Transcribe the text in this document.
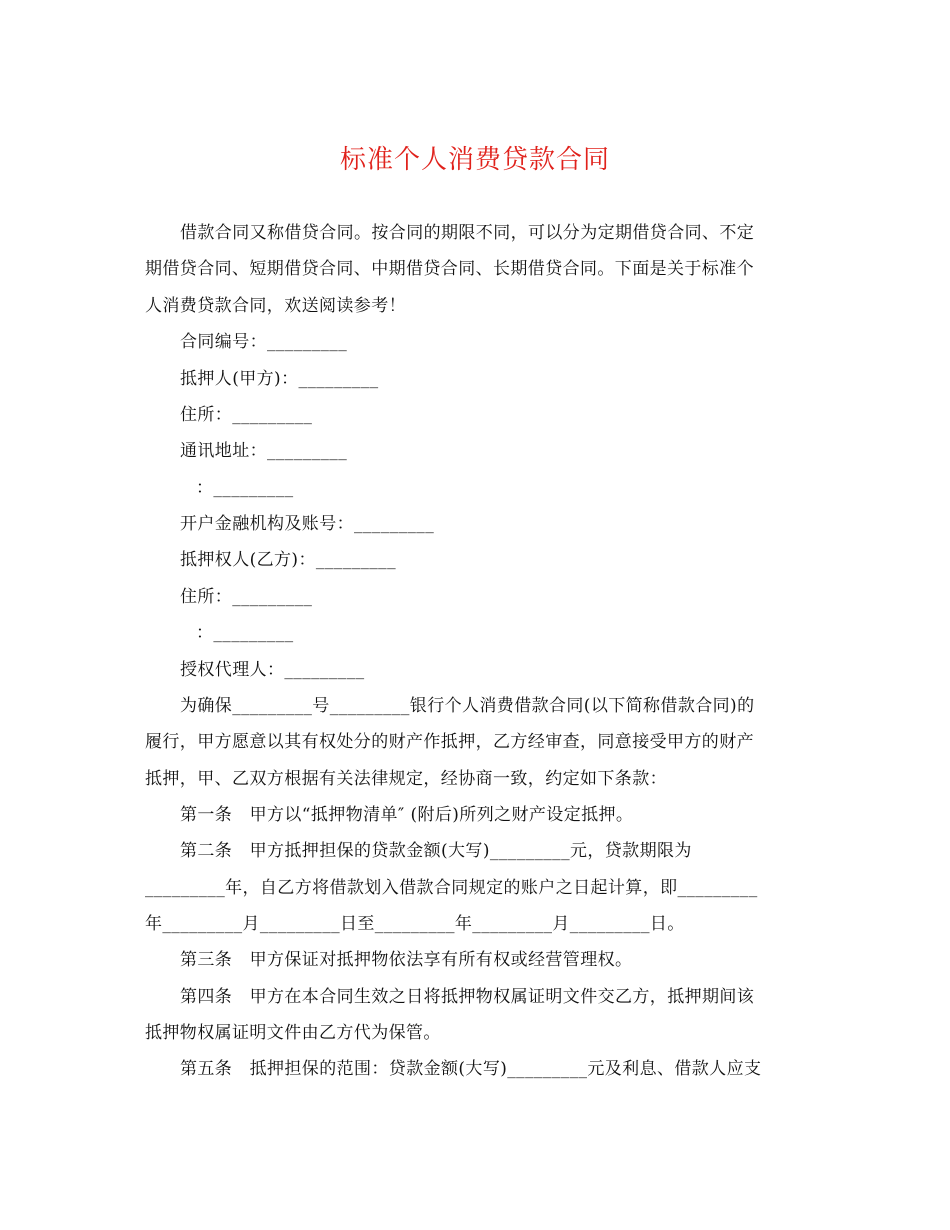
标准个人消费贷款合同
借款合同又称借贷合同。按合同的期限不同，可以分为定期借贷合同、不定
期借贷合同、短期借贷合同、中期借贷合同、长期借贷合同。下面是关于标准个
人消费贷款合同，欢送阅读参考！
合同编号：_________
抵押人(甲方)：_________
住所：_________
通讯地址：_________
：_________
开户金融机构及账号：_________
抵押权人(乙方)：_________
住所：_________
：_________
授权代理人：_________
为确保_________号_________银行个人消费借款合同(以下简称借款合同)的
履行，甲方愿意以其有权处分的财产作抵押，乙方经审查，同意接受甲方的财产
抵押，甲、乙双方根据有关法律规定，经协商一致，约定如下条款：
第一条　甲方以“抵押物清单″ (附后)所列之财产设定抵押。
第二条　甲方抵押担保的贷款金额(大写)_________元，贷款期限为
_________年，自乙方将借款划入借款合同规定的账户之日起计算，即_________
年_________月_________日至_________年_________月_________日。
第三条　甲方保证对抵押物依法享有所有权或经营管理权。
第四条　甲方在本合同生效之日将抵押物权属证明文件交乙方，抵押期间该
抵押物权属证明文件由乙方代为保管。
第五条　抵押担保的范围：贷款金额(大写)_________元及利息、借款人应支
